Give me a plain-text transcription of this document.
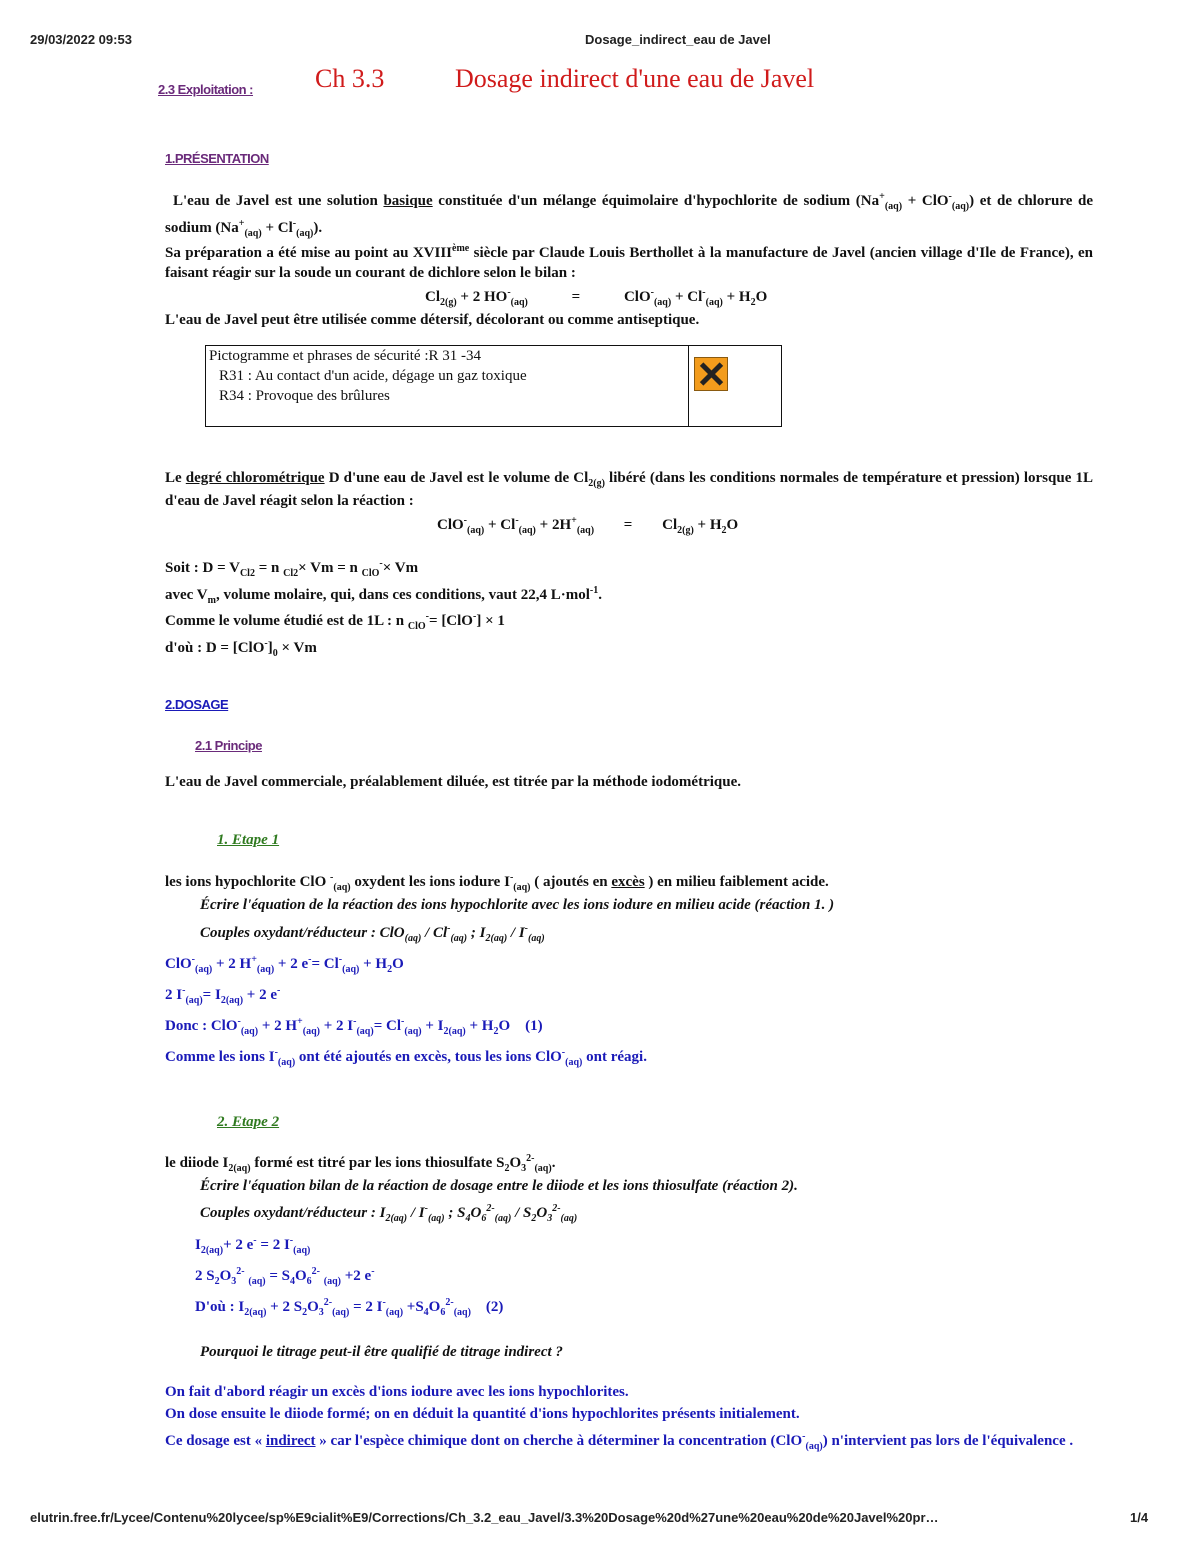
29/03/2022 09:53	Dosage_indirect_eau de Javel
2.3 Exploitation : Ch 3.3	Dosage indirect d'une eau de Javel
1.PRÉSENTATION
L'eau de Javel est une solution basique constituée d'un mélange équimolaire d'hypochlorite de sodium $(Na^+_{(aq)} + ClO^-_{(aq)})$ et de chlorure de sodium $(Na^+_{(aq)} + Cl^-_{(aq)})$.
Sa préparation a été mise au point au XVIIIème siècle par Claude Louis Berthollet à la manufacture de Javel (ancien village d'Ile de France), en faisant réagir sur la soude un courant de dichlore selon le bilan :
$Cl_{2(g)} + 2$ $HO^-_{(aq)}$	=	$ClO^-_{(aq)} + Cl^-_{(aq)} + H_2O$
L'eau de Javel peut être utilisée comme détersif, décolorant ou comme antiseptique.
Pictogramme et phrases de sécurité :R 31 -34
R31 : Au contact d'un acide, dégage un gaz toxique
R34 : Provoque des brûlures
Le degré chlorométrique D d'une eau de Javel est le volume de $Cl_{2(g)}$ libéré (dans les conditions normales de température et pression) lorsque 1L d'eau de Javel réagit selon la réaction :
$ClO^-_{(aq)} + Cl^-_{(aq)} + 2H^+_{(aq)} = Cl_{2(g)} + H_2O$
Soit : $D = V_{Cl2} = n$ $_{Cl2}$× Vm = n $_{ClO}$-× Vm
avec $V_m$, volume molaire, qui, dans ces conditions, vaut 22,4 L·mol$^{-1}$.
Comme le volume étudié est de 1L : n $_{ClO}$-= [ClO-] × 1
d'où : $D = [ClO^-]_0 \times Vm$
2.DOSAGE
2.1 Principe
L'eau de Javel commerciale, préalablement diluée, est titrée par la méthode iodométrique.
1. Etape 1
les ions hypochlorite ClO -$_{(aq)}$ oxydent les ions iodure $I^-_{(aq)}$ ( ajoutés en excès ) en milieu faiblement acide.
Écrire l'équation de la réaction des ions hypochlorite avec les ions iodure en milieu acide (réaction 1. )
Couples oxydant/réducteur : $ClO_{(aq)} / Cl^-_{(aq)}$ ; $I_{2(aq)} / I^-_{(aq)}$
ClO-$_{(aq)}$ + 2 $H^+_{(aq)} + 2$ $e^-= Cl^-_{(aq)} + H_2O$
2 $I^-_{(aq)}= I_{2(aq)} + 2$ e-
Donc : ClO-$_{(aq)}$ + 2 $H^+_{(aq)} + 2$ $I^-_{(aq)}= Cl^-_{(aq)} + I_{2(aq)} + H_2O$    (1)
Comme les ions $I^-_{(aq)}$ ont été ajoutés en excès, tous les ions ClO-$_{(aq)}$ ont réagi.
2. Etape 2
le diiode $I_{2(aq)}$ formé est titré par les ions thiosulfate $S_2O_3^{2-}_{(aq)}$.
Écrire l'équation bilan de la réaction de dosage entre le diiode et les ions thiosulfate (réaction 2).
Couples oxydant/réducteur : $I_{2(aq)} / I^-_{(aq)}$ ; $S_4O_6^{2-}_{(aq)} / S_2O_3^{2-}_{(aq)}$
$I_{2(aq)}+ 2$ e- = 2 $I^-_{(aq)}$
2 $S_2O_3^{2-}$ $_{(aq)} = S_4O_6^{2-}$ $_{(aq)}$ +2 e-
D'où : $I_{2(aq)} + 2$ $S_2O_3^{2-}_{(aq)} = 2$ $I^-_{(aq)} +S_4O_6^{2-}_{(aq)}$    (2)
Pourquoi le titrage peut-il être qualifié de titrage indirect ?
On fait d'abord réagir un excès d'ions iodure avec les ions hypochlorites.
On dose ensuite le diiode formé; on en déduit la quantité d'ions hypochlorites présents initialement.
Ce dosage est « indirect » car l'espèce chimique dont on cherche à déterminer la concentration (ClO-$_{(aq)}$) n'intervient pas lors de l'équivalence .
elutrin.free.fr/Lycee/Contenu%20lycee/sp%E9cialit%E9/Corrections/Ch_3.2_eau_Javel/3.3%20Dosage%20d%27une%20eau%20de%20Javel%20pr…	1/4
